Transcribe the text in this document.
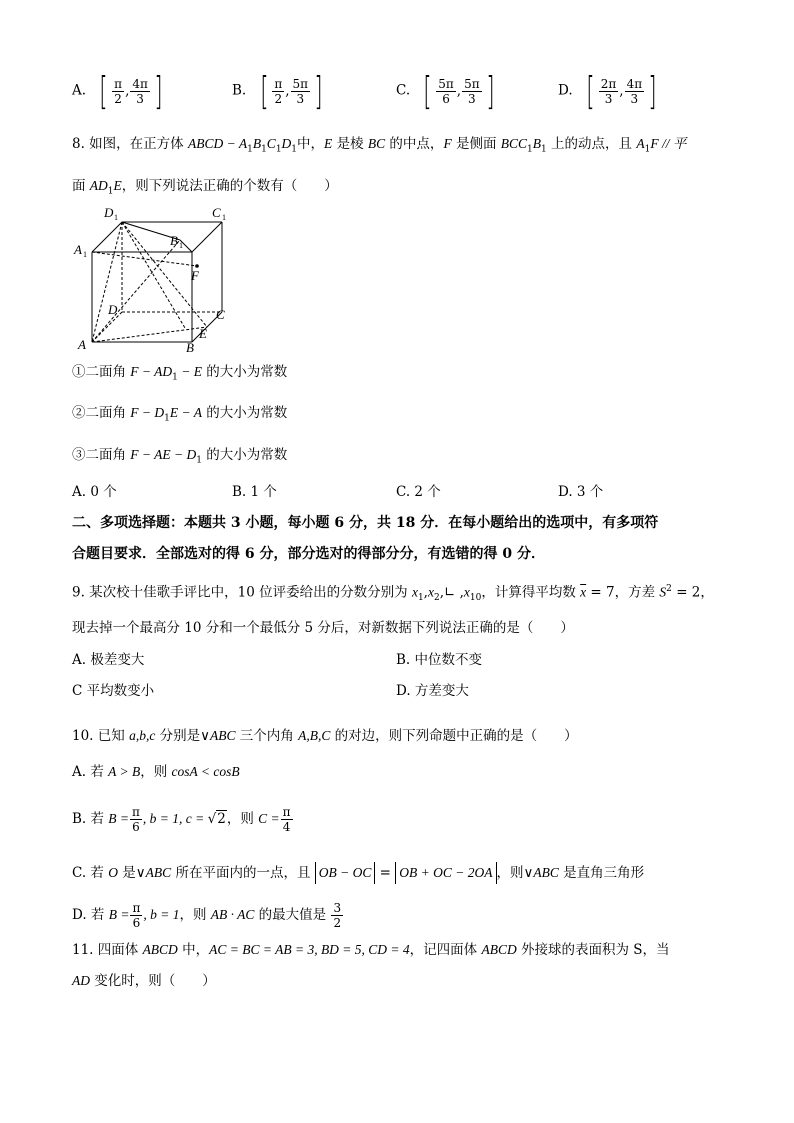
A. [ $\frac{\pi}{2}$ , $\frac{4\pi}{3}$ ]	B. [ $\frac{\pi}{2}$ , $\frac{5\pi}{3}$ ]	C. [ $\frac{5\pi}{6}$ , $\frac{5\pi}{3}$ ]	D. [ $\frac{2\pi}{3}$ , $\frac{4\pi}{3}$ ]
8. 如图，在正方体 ABCD − $A_1B_1C_1D_1$中，E 是棱 BC 的中点，F 是侧面 $BCC_1B_1$ 上的动点，且 $A_1F$ // 平
面 $AD_1E$，则下列说法正确的个数有（　　）
D 1	C 1
A 1
B 1
F
D	C
A	B
E
①二面角 $F - AD_1 - E$ 的大小为常数
②二面角 $F - D_1E - A$ 的大小为常数
③二面角 F − AE − $D_1$ 的大小为常数
A. 0 个	B. 1 个	C. 2 个	D. 3 个
二、多项选择题：本题共 3 小题，每小题 6 分，共 18 分．在每小题给出的选项中，有多项符
合题目要求．全部选对的得 6 分，部分选对的得部分分，有选错的得 0 分．
9. 某次校十佳歌手评比中，10 位评委给出的分数分别为 $x_1,x_2,∟$ $,x_{10}$，计算得平均数 $\overline{x} = 7$，方差 $S^2 = 2$，
现去掉一个最高分 10 分和一个最低分 5 分后，对新数据下列说法正确的是（　　）
A. 极差变大	B. 中位数不变
C 平均数变小	D. 方差变大
10. 已知 a,b,c 分别是∨ABC 三个内角 A,B,C 的对边，则下列命题中正确的是（　　）
A. 若 A > B，则 cosA < cosB
B. 若 $B = \frac{\pi}{6}$ , b = 1, c = √2，则 $C = \frac{\pi}{4}$
C. 若 O 是∨ABC 所在平面内的一点，且 OB − OC = OB + OC − 2OA ，则∨ABC 是直角三角形
D. 若 $B = \frac{\pi}{6}$ , b = 1，则 AB · AC 的最大值是 $\frac{3}{2}$
11. 四面体 ABCD 中，AC = BC = AB = 3, BD = 5, CD = 4，记四面体 ABCD 外接球的表面积为 S，当
AD 变化时，则（　　）
